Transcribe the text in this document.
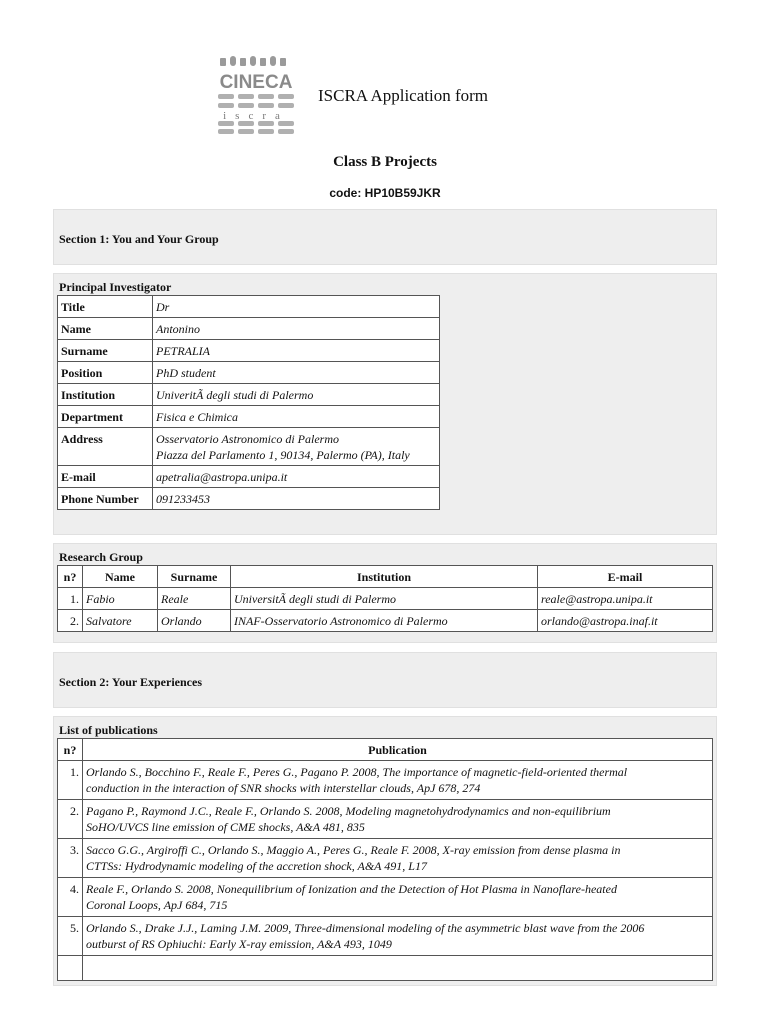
CINECA
iscra
ISCRA Application form
Class B Projects
code: HP10B59JKR
Section 1: You and Your Group
Principal Investigator
Title	Dr
Name	Antonino
Surname	PETRALIA
Position	PhD student
Institution	UniveritÃ degli studi di Palermo
Department	Fisica e Chimica
Address	Osservatorio Astronomico di Palermo
Piazza del Parlamento 1, 90134, Palermo (PA), Italy

E-mail	apetralia@astropa.unipa.it
Phone Number	091233453
Research Group
n?	Name	Surname	Institution	E-mail
1.	Fabio	Reale	UniversitÃ degli studi di Palermo	reale@astropa.unipa.it
2.	Salvatore	Orlando	INAF-Osservatorio Astronomico di Palermo	orlando@astropa.inaf.it
Section 2: Your Experiences
List of publications
n?	Publication
1.	Orlando S., Bocchino F., Reale F., Peres G., Pagano P. 2008, The importance of magnetic-field-oriented thermal
conduction in the interaction of SNR shocks with interstellar clouds, ApJ 678, 274

2.	Pagano P., Raymond J.C., Reale F., Orlando S. 2008, Modeling magnetohydrodynamics and non-equilibrium
SoHO/UVCS line emission of CME shocks, A&A 481, 835

3.	Sacco G.G., Argiroffi C., Orlando S., Maggio A., Peres G., Reale F. 2008, X-ray emission from dense plasma in
CTTSs: Hydrodynamic modeling of the accretion shock, A&A 491, L17

4.	Reale F., Orlando S. 2008, Nonequilibrium of Ionization and the Detection of Hot Plasma in Nanoflare-heated
Coronal Loops, ApJ 684, 715

5.	Orlando S., Drake J.J., Laming J.M. 2009, Three-dimensional modeling of the asymmetric blast wave from the 2006
outburst of RS Ophiuchi: Early X-ray emission, A&A 493, 1049
